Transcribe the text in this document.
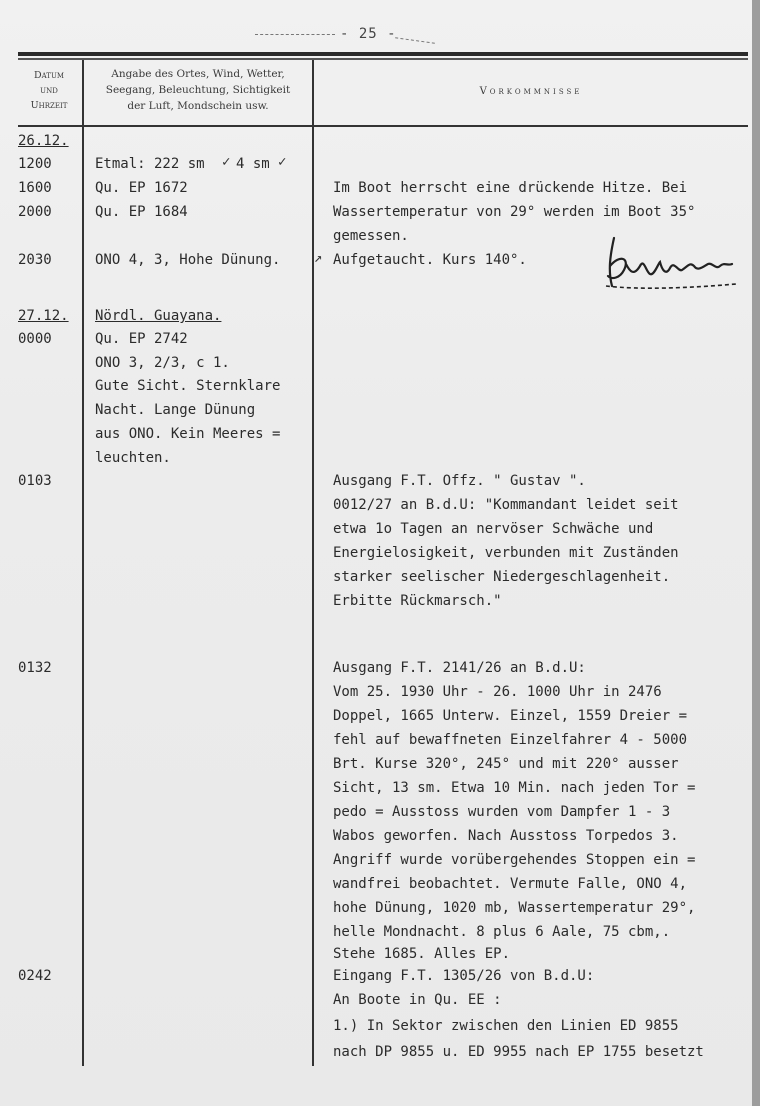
- 25 -
Datum
und
Uhrzeit
Angabe des Ortes, Wind, Wetter,
Seegang, Beleuchtung, Sichtigkeit
der Luft, Mondschein usw.
Vorkommnisse
26.12.
1200
1600
2000
2030
27.12.
0000
0103
0132
0242
Etmal: 222 sm ✓ 4 sm ✓
Qu. EP 1672
Qu. EP 1684
ONO 4, 3, Hohe Dünung. ↗
Nördl. Guayana.
Qu. EP 2742
ONO 3, 2/3, c 1.
Gute Sicht. Sternklare
Nacht. Lange Dünung
aus ONO. Kein Meeres =
leuchten.
Im Boot herrscht eine drückende Hitze. Bei
Wassertemperatur von 29° werden im Boot 35°
gemessen.
Aufgetaucht. Kurs 140°.
Ausgang F.T. Offz. " Gustav ".
0012/27 an B.d.U: "Kommandant leidet seit
etwa 1o Tagen an nervöser Schwäche und
Energielosigkeit, verbunden mit Zuständen
starker seelischer Niedergeschlagenheit.
Erbitte Rückmarsch."
Ausgang F.T. 2141/26 an B.d.U:
Vom 25. 1930 Uhr - 26. 1000 Uhr in 2476
Doppel, 1665 Unterw. Einzel, 1559 Dreier =
fehl auf bewaffneten Einzelfahrer 4 - 5000
Brt. Kurse 320°, 245° und mit 220° ausser
Sicht, 13 sm. Etwa 10 Min. nach jeden Tor =
pedo = Ausstoss wurden vom Dampfer 1 - 3
Wabos geworfen. Nach Ausstoss Torpedos 3.
Angriff wurde vorübergehendes Stoppen ein =
wandfrei beobachtet. Vermute Falle, ONO 4,
hohe Dünung, 1020 mb, Wassertemperatur 29°,
helle Mondnacht. 8 plus 6 Aale, 75 cbm,.
Stehe 1685. Alles EP.
Eingang F.T. 1305/26 von B.d.U:
An Boote in Qu. EE :
1.) In Sektor zwischen den Linien ED 9855
nach DP 9855 u. ED 9955 nach EP 1755 besetzt
